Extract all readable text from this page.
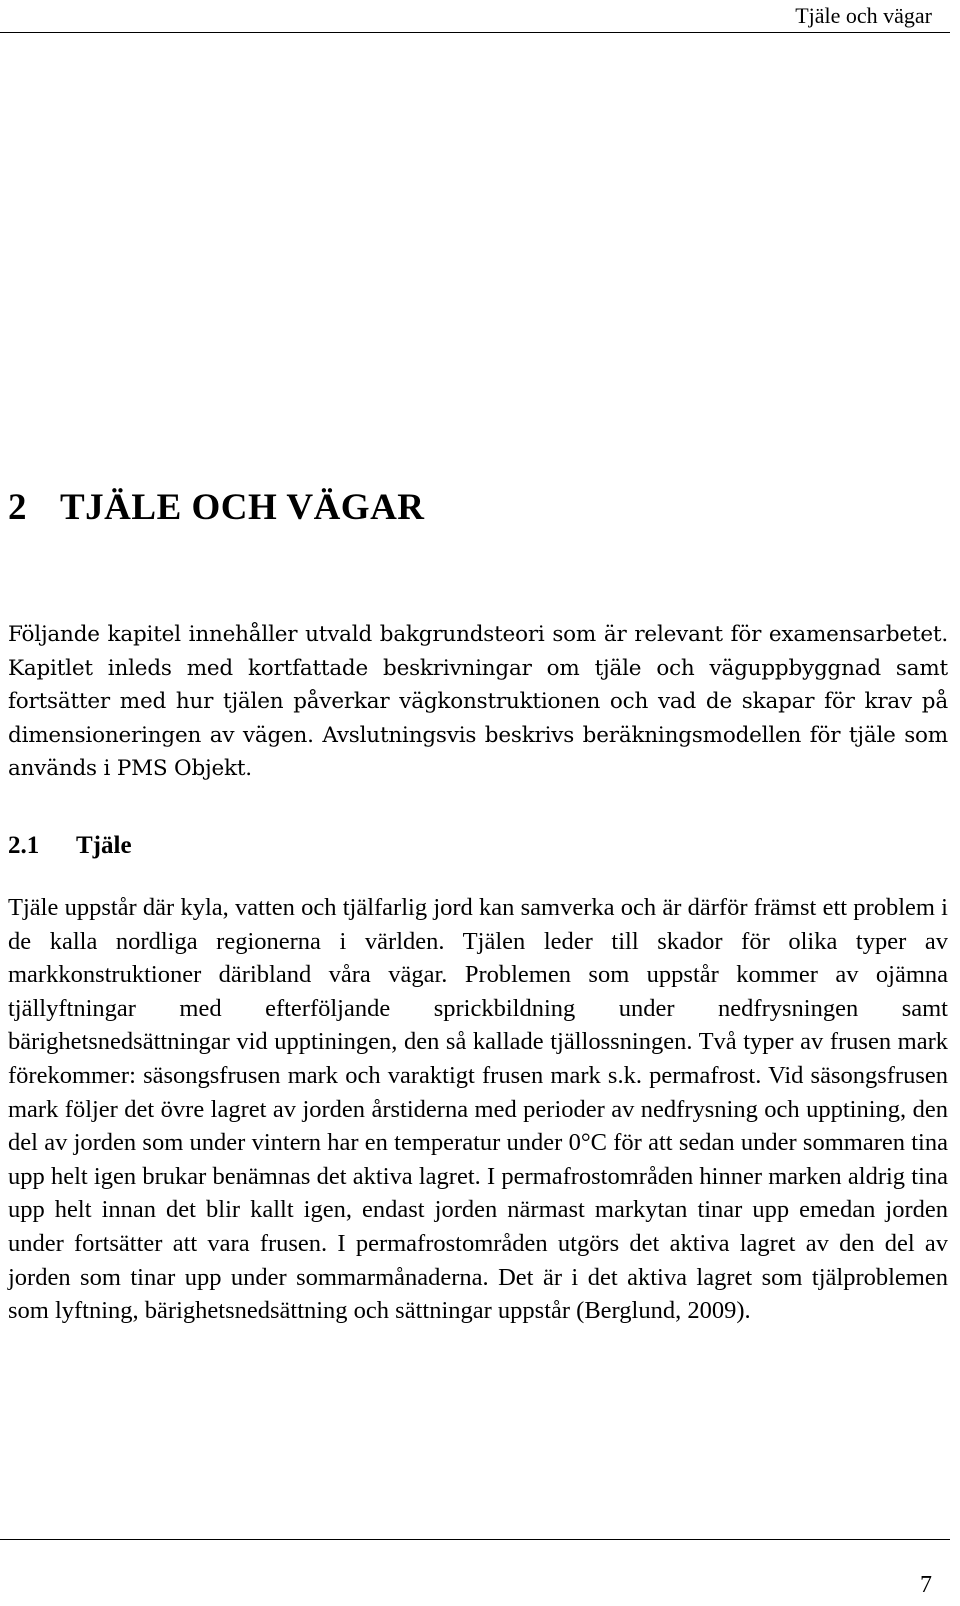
Tjäle och vägar
2 TJÄLE OCH VÄGAR

Följande kapitel innehåller utvald bakgrundsteori som är relevant för examensarbetet. Kapitlet inleds med kortfattade beskrivningar om tjäle och väguppbyggnad samt fortsätter med hur tjälen påverkar vägkonstruktionen och vad de skapar för krav på dimensioneringen av vägen. Avslutningsvis beskrivs beräkningsmodellen för tjäle som används i PMS Objekt.

2.1 Tjäle

Tjäle uppstår där kyla, vatten och tjälfarlig jord kan samverka och är därför främst ett problem i de kalla nordliga regionerna i världen. Tjälen leder till skador för olika typer av markkonstruktioner däribland våra vägar. Problemen som uppstår kommer av ojämna tjällyftningar med efterföljande sprickbildning under nedfrysningen samt bärighetsnedsättningar vid upptiningen, den så kallade tjällossningen. Två typer av frusen mark förekommer: säsongsfrusen mark och varaktigt frusen mark s.k. permafrost. Vid säsongsfrusen mark följer det övre lagret av jorden årstiderna med perioder av nedfrysning och upptining, den del av jorden som under vintern har en temperatur under 0°C för att sedan under sommaren tina upp helt igen brukar benämnas det aktiva lagret. I permafrostområden hinner marken aldrig tina upp helt innan det blir kallt igen, endast jorden närmast markytan tinar upp emedan jorden under fortsätter att vara frusen. I permafrostområden utgörs det aktiva lagret av den del av jorden som tinar upp under sommarmånaderna. Det är i det aktiva lagret som tjälproblemen som lyftning, bärighetsnedsättning och sättningar uppstår (Berglund, 2009).

7
